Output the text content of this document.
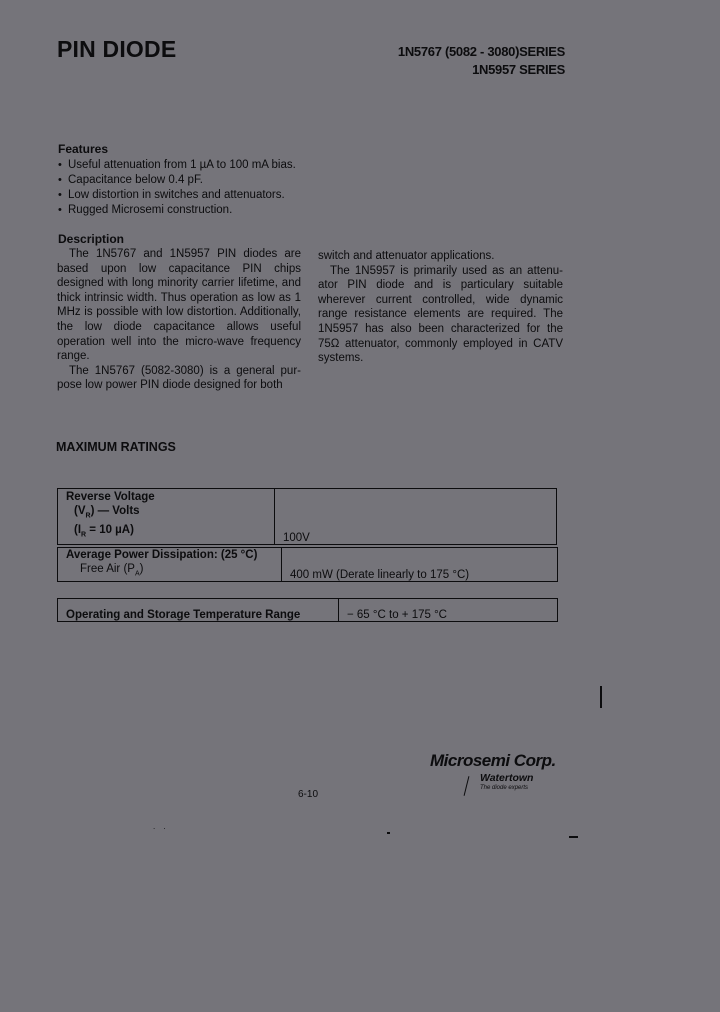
PIN DIODE	1N5767 (5082 - 3080)SERIES
1N5957 SERIES
Features
• Useful attenuation from 1 µA to 100 mA bias.
• Capacitance below 0.4 pF.
• Low distortion in switches and attenuators.
• Rugged Microsemi construction.
Description

The 1N5767 and 1N5957 PIN diodes are based upon low capacitance PIN chips designed with long minority carrier lifetime, and thick intrinsic width. Thus operation as low as 1 MHz is possible with low distortion. Additionally, the low diode capacitance allows useful operation well into the micro-wave frequency range.

The 1N5767 (5082-3080) is a general pur-pose low power PIN diode designed for both

switch and attenuator applications.

The 1N5957 is primarily used as an attenu-ator PIN diode and is particulary suitable wherever current controlled, wide dynamic range resistance elements are required. The 1N5957 has also been characterized for the 75Ω attenuator, commonly employed in CATV systems.

MAXIMUM RATINGS
Reverse Voltage
$(V_R)$ — Volts
($I_R = 10$ µA)
	100V
Average Power Dissipation: (25 °C)
Free Air $(P_A)$
	400 mW (Derate linearly to 175 °C)
Operating and Storage Temperature Range	− 65 °C to + 175 °C
Microsemi Corp.
Watertown
The diode experts
6-10
. .
